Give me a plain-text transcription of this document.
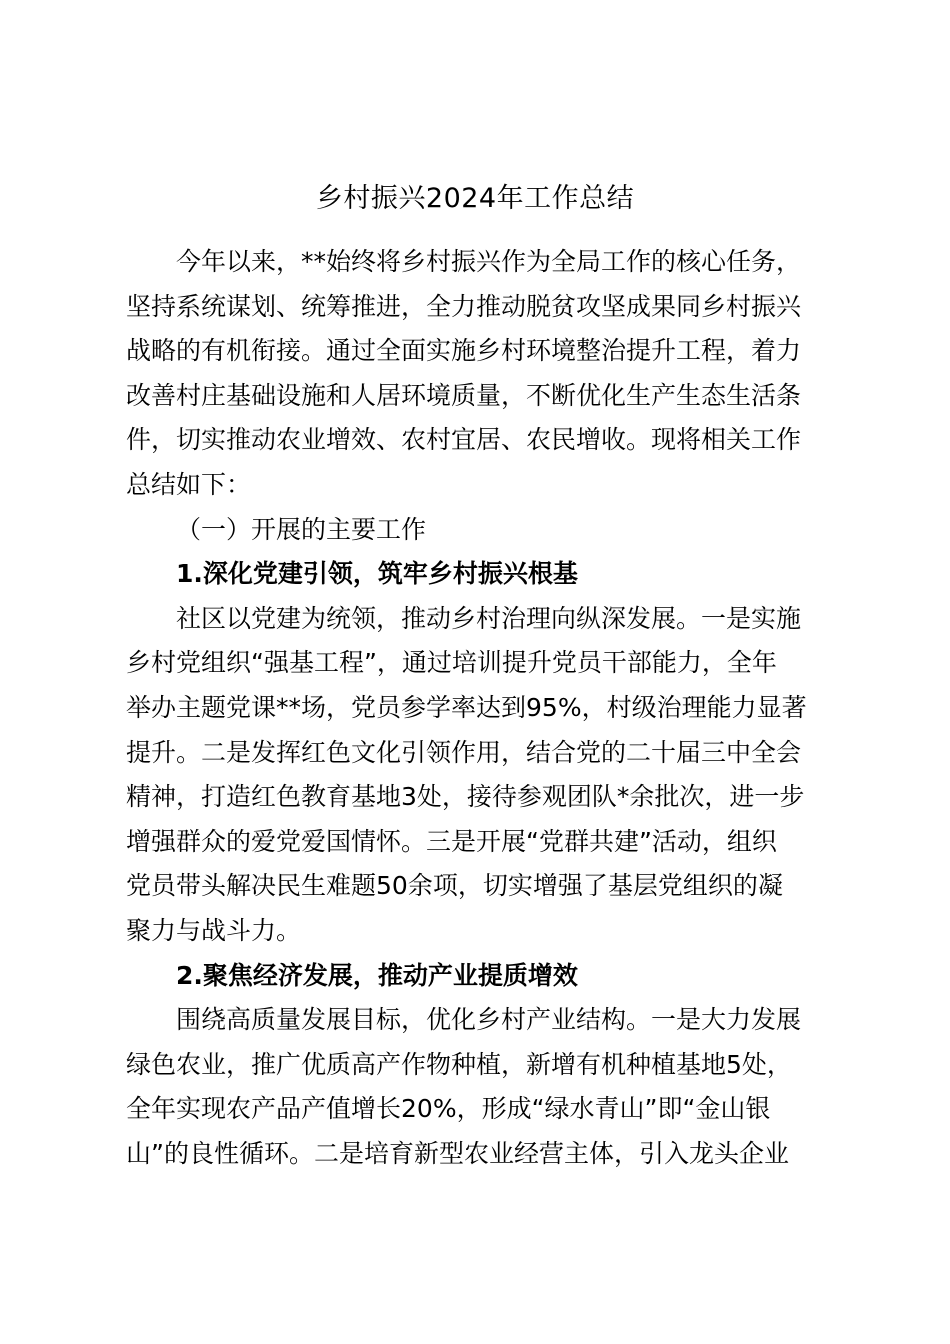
乡村振兴2024年工作总结
今年以来，**始终将乡村振兴作为全局工作的核心任务，
坚持系统谋划、统筹推进，全力推动脱贫攻坚成果同乡村振兴
战略的有机衔接。通过全面实施乡村环境整治提升工程，着力
改善村庄基础设施和人居环境质量，不断优化生产生态生活条
件，切实推动农业增效、农村宜居、农民增收。现将相关工作
总结如下：
（一）开展的主要工作
1.深化党建引领，筑牢乡村振兴根基
社区以党建为统领，推动乡村治理向纵深发展。一是实施
乡村党组织“强基工程”，通过培训提升党员干部能力，全年
举办主题党课**场，党员参学率达到95%，村级治理能力显著
提升。二是发挥红色文化引领作用，结合党的二十届三中全会
精神，打造红色教育基地3处，接待参观团队*余批次，进一步
增强群众的爱党爱国情怀。三是开展“党群共建”活动，组织
党员带头解决民生难题50余项，切实增强了基层党组织的凝
聚力与战斗力。
2.聚焦经济发展，推动产业提质增效
围绕高质量发展目标，优化乡村产业结构。一是大力发展
绿色农业，推广优质高产作物种植，新增有机种植基地5处，
全年实现农产品产值增长20%，形成“绿水青山”即“金山银
山”的良性循环。二是培育新型农业经营主体，引入龙头企业
